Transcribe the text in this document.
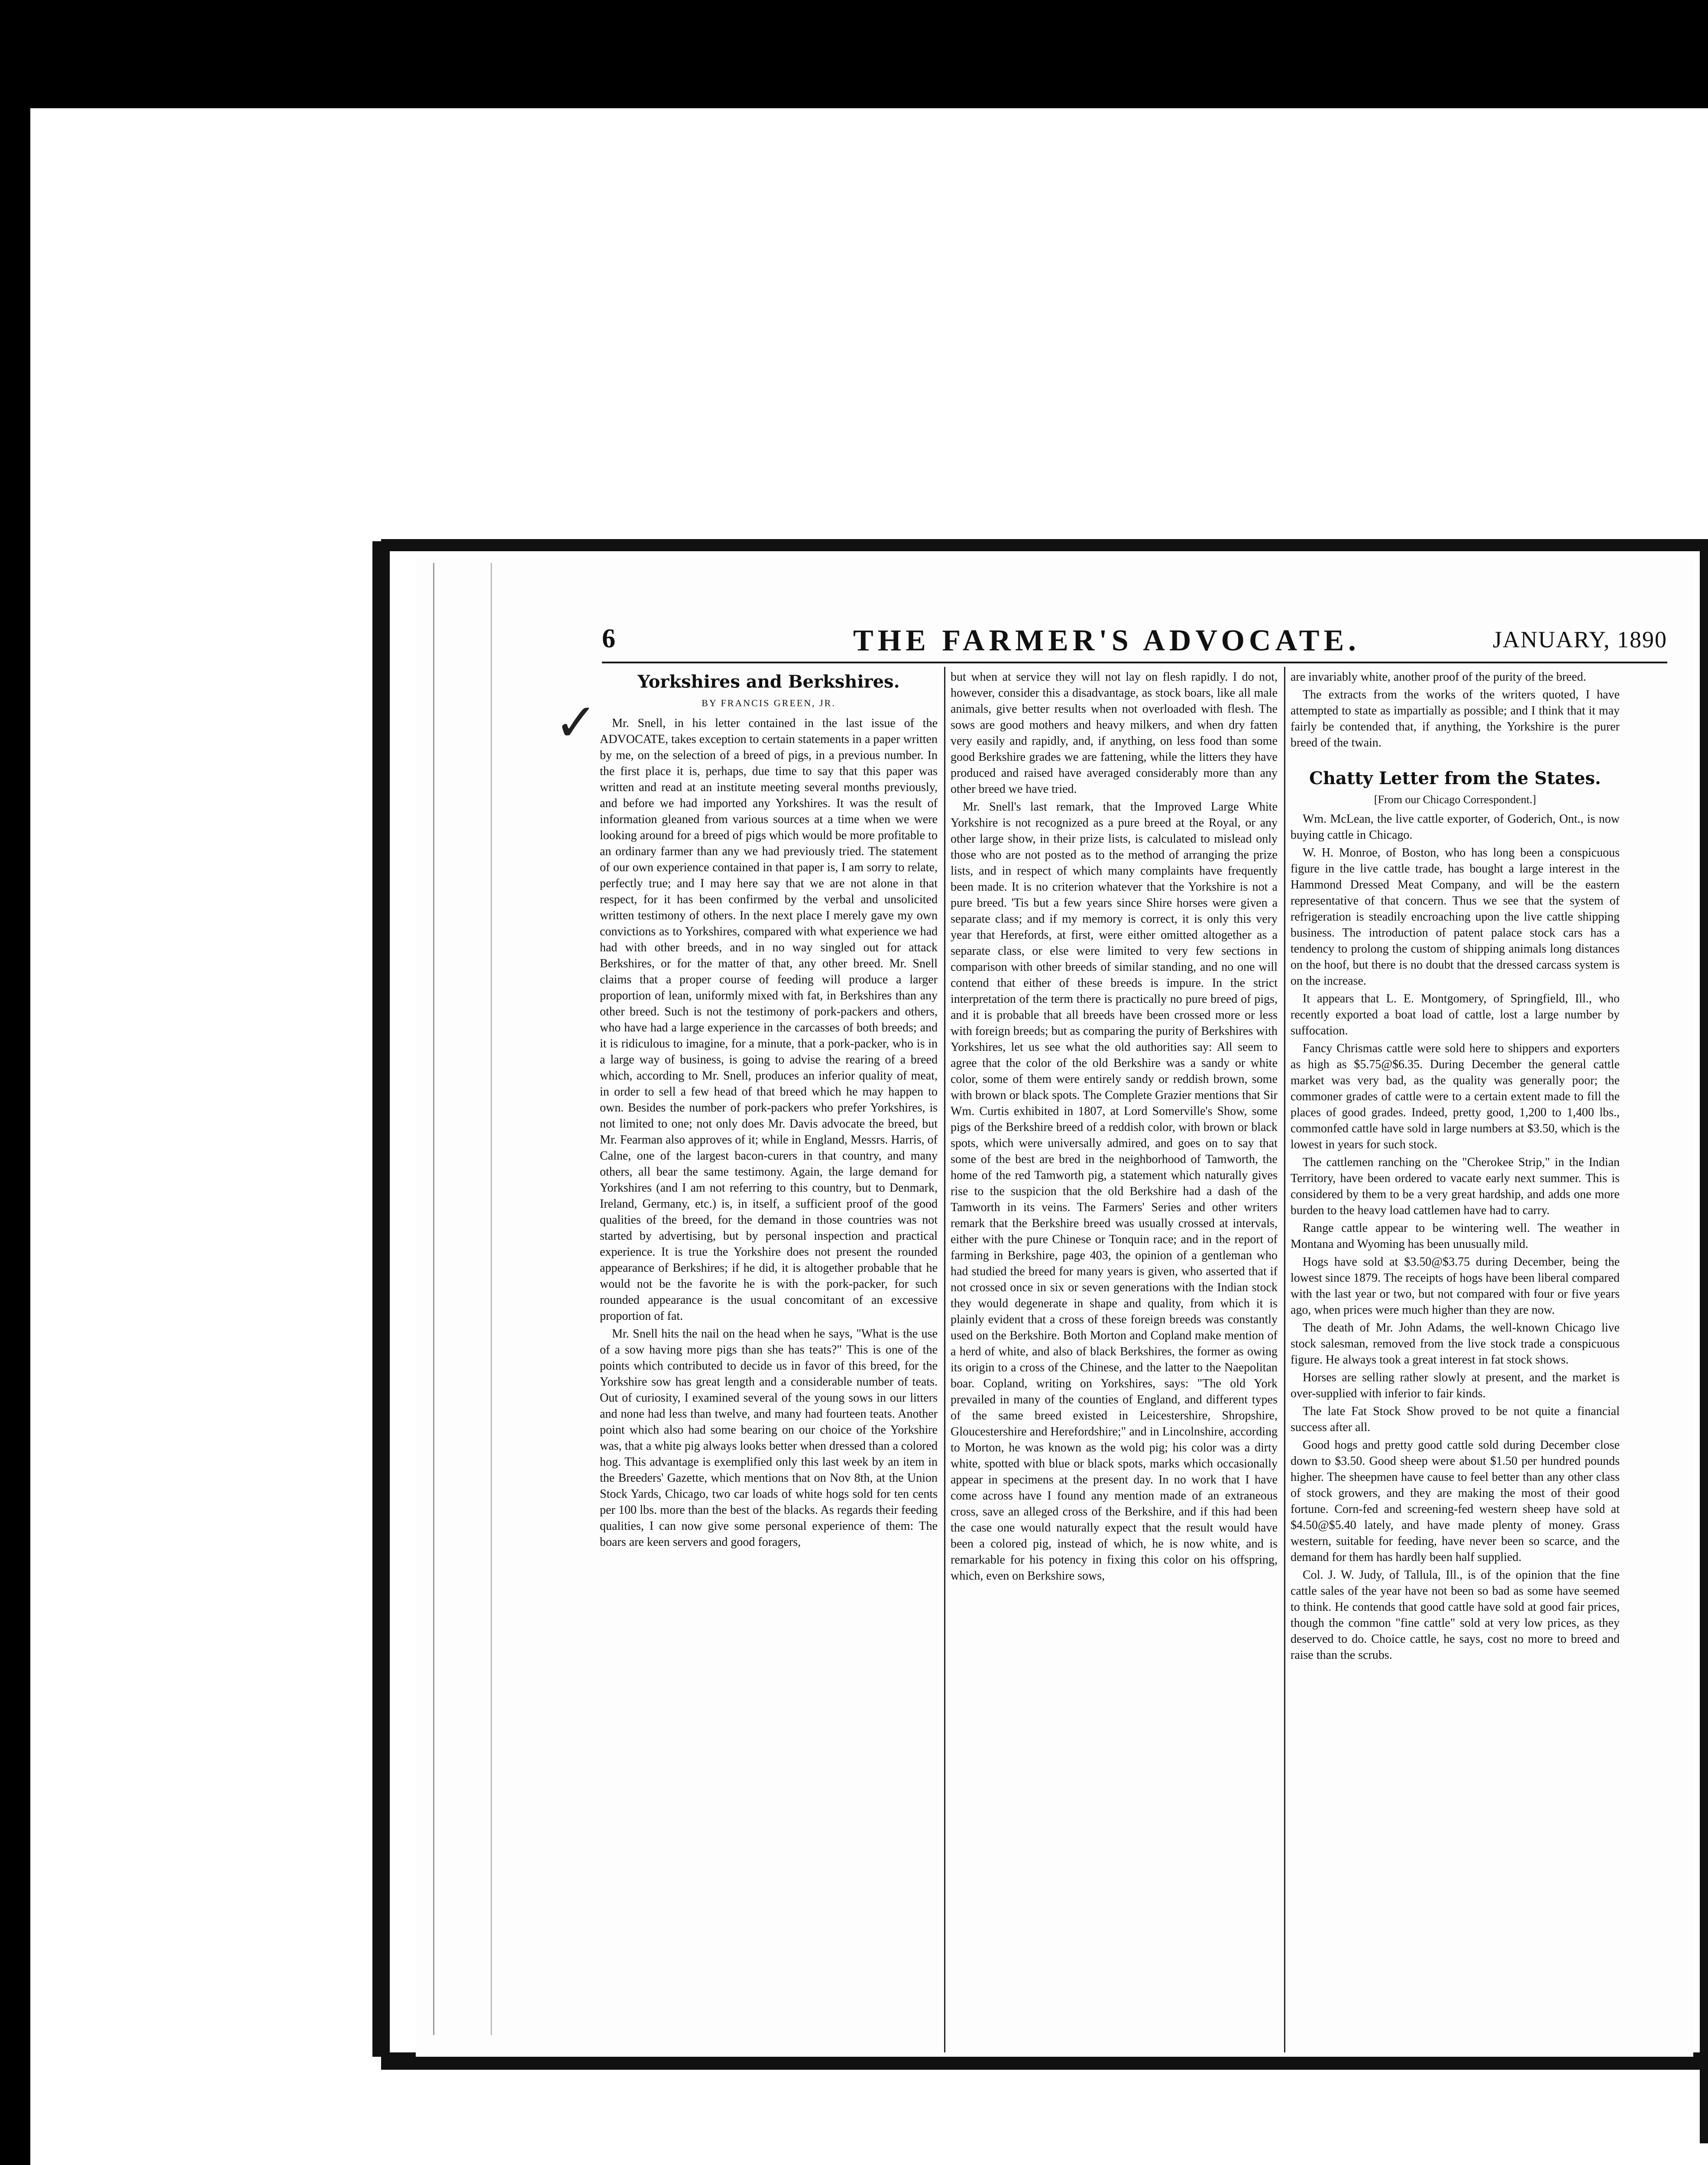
6	THE FARMER'S ADVOCATE.	JANUARY, 1890
✓
Yorkshires and Berkshires.
BY FRANCIS GREEN, JR.

Mr. Snell, in his letter contained in the last issue of the ADVOCATE, takes exception to certain statements in a paper written by me, on the selection of a breed of pigs, in a previous number. In the first place it is, perhaps, due time to say that this paper was written and read at an institute meeting several months previously, and before we had imported any Yorkshires. It was the result of information gleaned from various sources at a time when we were looking around for a breed of pigs which would be more profitable to an ordinary farmer than any we had previously tried. The statement of our own experience contained in that paper is, I am sorry to relate, perfectly true; and I may here say that we are not alone in that respect, for it has been confirmed by the verbal and unsolicited written testimony of others. In the next place I merely gave my own convictions as to Yorkshires, compared with what experience we had had with other breeds, and in no way singled out for attack Berkshires, or for the matter of that, any other breed. Mr. Snell claims that a proper course of feeding will produce a larger proportion of lean, uniformly mixed with fat, in Berkshires than any other breed. Such is not the testimony of pork-packers and others, who have had a large experience in the carcasses of both breeds; and it is ridiculous to imagine, for a minute, that a pork-packer, who is in a large way of business, is going to advise the rearing of a breed which, according to Mr. Snell, produces an inferior quality of meat, in order to sell a few head of that breed which he may happen to own. Besides the number of pork-packers who prefer Yorkshires, is not limited to one; not only does Mr. Davis advocate the breed, but Mr. Fearman also approves of it; while in England, Messrs. Harris, of Calne, one of the largest bacon-curers in that country, and many others, all bear the same testimony. Again, the large demand for Yorkshires (and I am not referring to this country, but to Denmark, Ireland, Germany, etc.) is, in itself, a sufficient proof of the good qualities of the breed, for the demand in those countries was not started by advertising, but by personal inspection and practical experience. It is true the Yorkshire does not present the rounded appearance of Berkshires; if he did, it is altogether probable that he would not be the favorite he is with the pork-packer, for such rounded appearance is the usual concomitant of an excessive proportion of fat.

Mr. Snell hits the nail on the head when he says, "What is the use of a sow having more pigs than she has teats?" This is one of the points which contributed to decide us in favor of this breed, for the Yorkshire sow has great length and a considerable number of teats. Out of curiosity, I examined several of the young sows in our litters and none had less than twelve, and many had fourteen teats. Another point which also had some bearing on our choice of the Yorkshire was, that a white pig always looks better when dressed than a colored hog. This advantage is exemplified only this last week by an item in the Breeders' Gazette, which mentions that on Nov 8th, at the Union Stock Yards, Chicago, two car loads of white hogs sold for ten cents per 100 lbs. more than the best of the blacks. As regards their feeding qualities, I can now give some personal experience of them: The boars are keen servers and good foragers,

but when at service they will not lay on flesh rapidly. I do not, however, consider this a disadvantage, as stock boars, like all male animals, give better results when not overloaded with flesh. The sows are good mothers and heavy milkers, and when dry fatten very easily and rapidly, and, if anything, on less food than some good Berkshire grades we are fattening, while the litters they have produced and raised have averaged considerably more than any other breed we have tried.

Mr. Snell's last remark, that the Improved Large White Yorkshire is not recognized as a pure breed at the Royal, or any other large show, in their prize lists, is calculated to mislead only those who are not posted as to the method of arranging the prize lists, and in respect of which many complaints have frequently been made. It is no criterion whatever that the Yorkshire is not a pure breed. 'Tis but a few years since Shire horses were given a separate class; and if my memory is correct, it is only this very year that Herefords, at first, were either omitted altogether as a separate class, or else were limited to very few sections in comparison with other breeds of similar standing, and no one will contend that either of these breeds is impure. In the strict interpretation of the term there is practically no pure breed of pigs, and it is probable that all breeds have been crossed more or less with foreign breeds; but as comparing the purity of Berkshires with Yorkshires, let us see what the old authorities say: All seem to agree that the color of the old Berkshire was a sandy or white color, some of them were entirely sandy or reddish brown, some with brown or black spots. The Complete Grazier mentions that Sir Wm. Curtis exhibited in 1807, at Lord Somerville's Show, some pigs of the Berkshire breed of a reddish color, with brown or black spots, which were universally admired, and goes on to say that some of the best are bred in the neighborhood of Tamworth, the home of the red Tamworth pig, a statement which naturally gives rise to the suspicion that the old Berkshire had a dash of the Tamworth in its veins. The Farmers' Series and other writers remark that the Berkshire breed was usually crossed at intervals, either with the pure Chinese or Tonquin race; and in the report of farming in Berkshire, page 403, the opinion of a gentleman who had studied the breed for many years is given, who asserted that if not crossed once in six or seven generations with the Indian stock they would degenerate in shape and quality, from which it is plainly evident that a cross of these foreign breeds was constantly used on the Berkshire. Both Morton and Copland make mention of a herd of white, and also of black Berkshires, the former as owing its origin to a cross of the Chinese, and the latter to the Naepolitan boar. Copland, writing on Yorkshires, says: "The old York prevailed in many of the counties of England, and different types of the same breed existed in Leicestershire, Shropshire, Gloucestershire and Herefordshire;" and in Lincolnshire, according to Morton, he was known as the wold pig; his color was a dirty white, spotted with blue or black spots, marks which occasionally appear in specimens at the present day. In no work that I have come across have I found any mention made of an extraneous cross, save an alleged cross of the Berkshire, and if this had been the case one would naturally expect that the result would have been a colored pig, instead of which, he is now white, and is remarkable for his potency in fixing this color on his offspring, which, even on Berkshire sows,

are invariably white, another proof of the purity of the breed.

The extracts from the works of the writers quoted, I have attempted to state as impartially as possible; and I think that it may fairly be contended that, if anything, the Yorkshire is the purer breed of the twain.

Chatty Letter from the States.
[From our Chicago Correspondent.]

Wm. McLean, the live cattle exporter, of Goderich, Ont., is now buying cattle in Chicago.

W. H. Monroe, of Boston, who has long been a conspicuous figure in the live cattle trade, has bought a large interest in the Hammond Dressed Meat Company, and will be the eastern representative of that concern. Thus we see that the system of refrigeration is steadily encroaching upon the live cattle shipping business. The introduction of patent palace stock cars has a tendency to prolong the custom of shipping animals long distances on the hoof, but there is no doubt that the dressed carcass system is on the increase.

It appears that L. E. Montgomery, of Springfield, Ill., who recently exported a boat load of cattle, lost a large number by suffocation.

Fancy Chrismas cattle were sold here to shippers and exporters as high as $5.75@$6.35. During December the general cattle market was very bad, as the quality was generally poor; the commoner grades of cattle were to a certain extent made to fill the places of good grades. Indeed, pretty good, 1,200 to 1,400 lbs., commonfed cattle have sold in large numbers at $3.50, which is the lowest in years for such stock.

The cattlemen ranching on the "Cherokee Strip," in the Indian Territory, have been ordered to vacate early next summer. This is considered by them to be a very great hardship, and adds one more burden to the heavy load cattlemen have had to carry.

Range cattle appear to be wintering well. The weather in Montana and Wyoming has been unusually mild.

Hogs have sold at $3.50@$3.75 during December, being the lowest since 1879. The receipts of hogs have been liberal compared with the last year or two, but not compared with four or five years ago, when prices were much higher than they are now.

The death of Mr. John Adams, the well-known Chicago live stock salesman, removed from the live stock trade a conspicuous figure. He always took a great interest in fat stock shows.

Horses are selling rather slowly at present, and the market is over-supplied with inferior to fair kinds.

The late Fat Stock Show proved to be not quite a financial success after all.

Good hogs and pretty good cattle sold during December close down to $3.50. Good sheep were about $1.50 per hundred pounds higher. The sheepmen have cause to feel better than any other class of stock growers, and they are making the most of their good fortune. Corn-fed and screening-fed western sheep have sold at $4.50@$5.40 lately, and have made plenty of money. Grass western, suitable for feeding, have never been so scarce, and the demand for them has hardly been half supplied.

Col. J. W. Judy, of Tallula, Ill., is of the opinion that the fine cattle sales of the year have not been so bad as some have seemed to think. He contends that good cattle have sold at good fair prices, though the common "fine cattle" sold at very low prices, as they deserved to do. Choice cattle, he says, cost no more to breed and raise than the scrubs.
